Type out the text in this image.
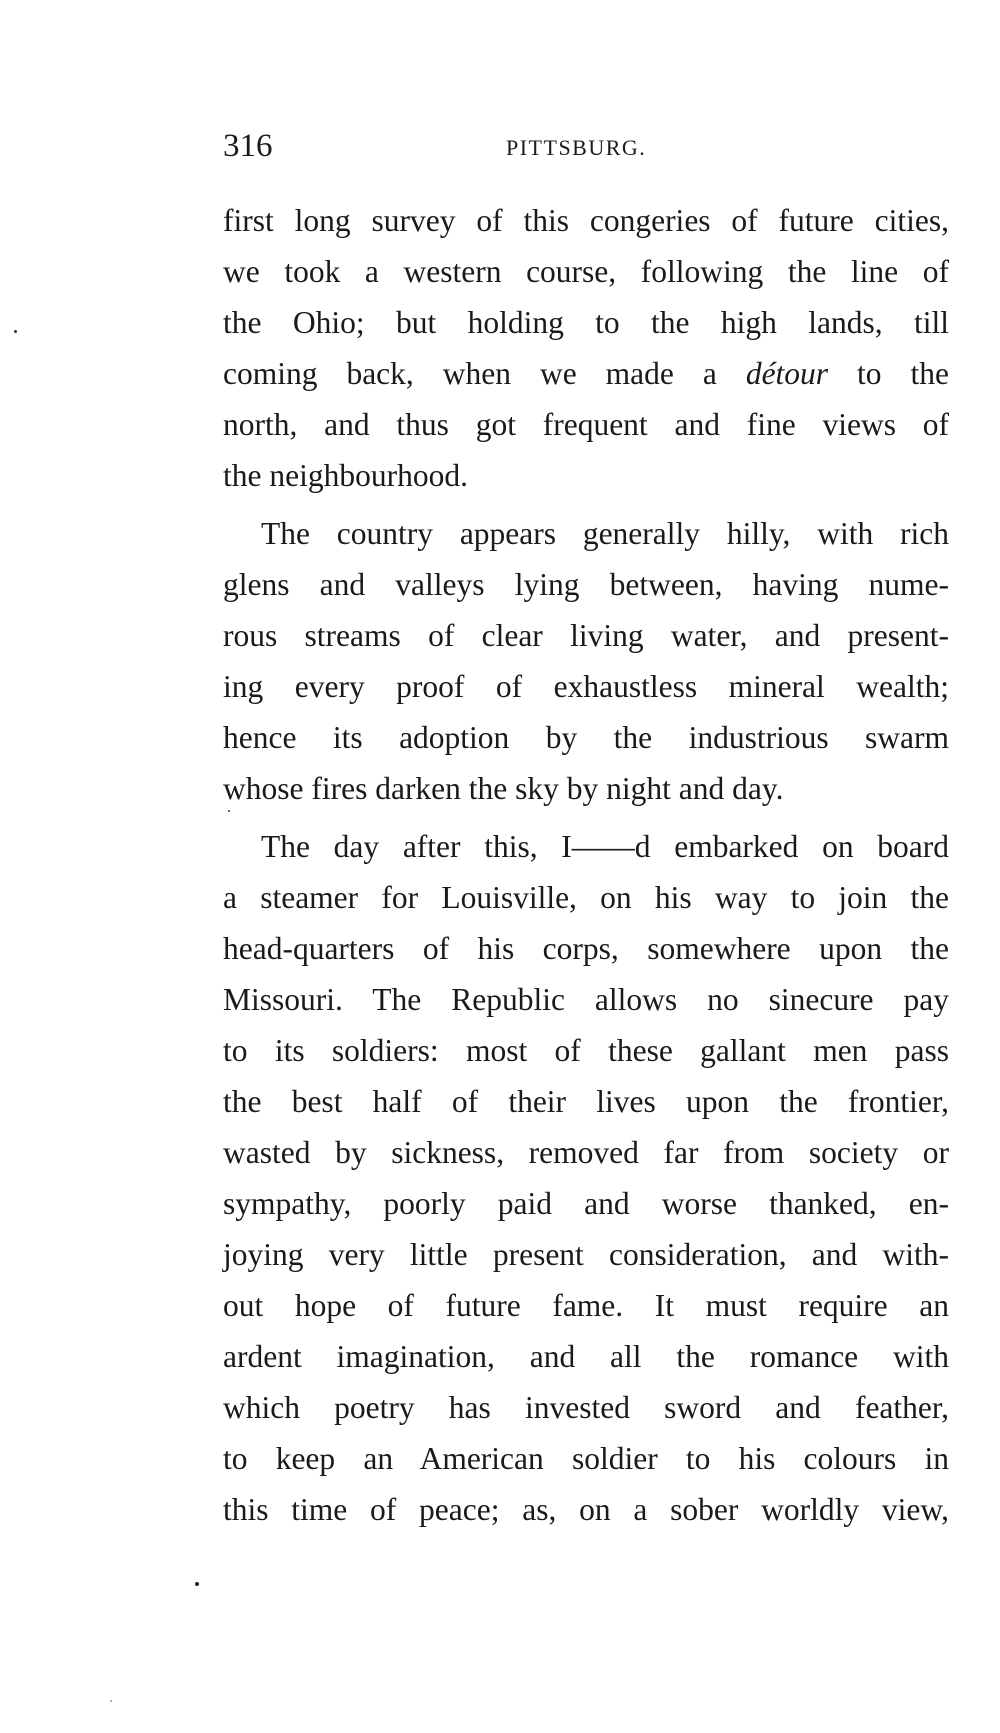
316	PITTSBURG.
first long survey of this congeries of future cities,
we took a western course, following the line of
the Ohio; but holding to the high lands, till
coming back, when we made a détour to the
north, and thus got frequent and fine views of
the neighbourhood.
The country appears generally hilly, with rich
glens and valleys lying between, having nume-
rous streams of clear living water, and present-
ing every proof of exhaustless mineral wealth;
hence its adoption by the industrious swarm
whose fires darken the sky by night and day.
The day after this, I——d embarked on board
a steamer for Louisville, on his way to join the
head-quarters of his corps, somewhere upon the
Missouri. The Republic allows no sinecure pay
to its soldiers: most of these gallant men pass
the best half of their lives upon the frontier,
wasted by sickness, removed far from society or
sympathy, poorly paid and worse thanked, en-
joying very little present consideration, and with-
out hope of future fame. It must require an
ardent imagination, and all the romance with
which poetry has invested sword and feather,
to keep an American soldier to his colours in
this time of peace; as, on a sober worldly view,
